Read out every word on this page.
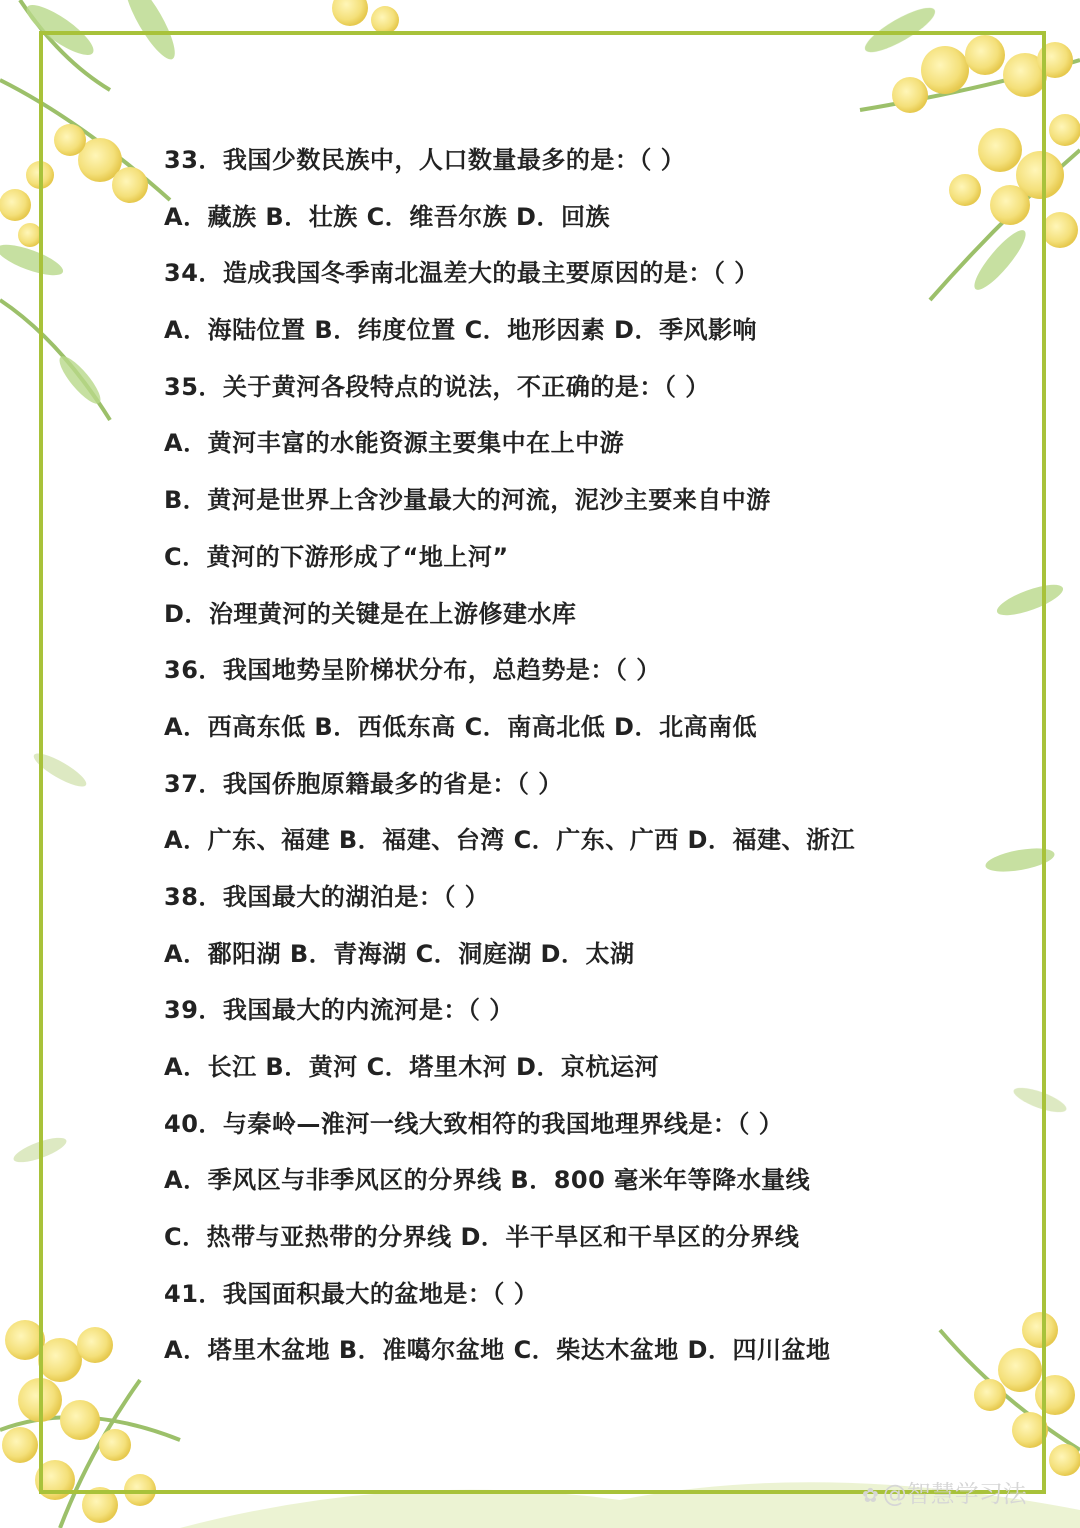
33．我国少数民族中，人口数量最多的是：（ ）
A．藏族 B．壮族 C．维吾尔族 D．回族
34．造成我国冬季南北温差大的最主要原因的是：（ ）
A．海陆位置 B．纬度位置 C．地形因素 D．季风影响
35．关于黄河各段特点的说法，不正确的是：（ ）
A．黄河丰富的水能资源主要集中在上中游
B．黄河是世界上含沙量最大的河流，泥沙主要来自中游
C．黄河的下游形成了“地上河”
D．治理黄河的关键是在上游修建水库
36．我国地势呈阶梯状分布，总趋势是：（ ）
A．西高东低 B．西低东高 C．南高北低 D．北高南低
37．我国侨胞原籍最多的省是：（ ）
A．广东、福建 B．福建、台湾 C．广东、广西 D．福建、浙江
38．我国最大的湖泊是：（ ）
A．鄱阳湖 B．青海湖 C．洞庭湖 D．太湖
39．我国最大的内流河是：（ ）
A．长江 B．黄河 C．塔里木河 D．京杭运河
40．与秦岭—淮河一线大致相符的我国地理界线是：（ ）
A．季风区与非季风区的分界线 B．800 毫米年等降水量线
C．热带与亚热带的分界线 D．半干旱区和干旱区的分界线
41．我国面积最大的盆地是：（ ）
A．塔里木盆地 B．准噶尔盆地 C．柴达木盆地 D．四川盆地
✿ @智慧学习法
